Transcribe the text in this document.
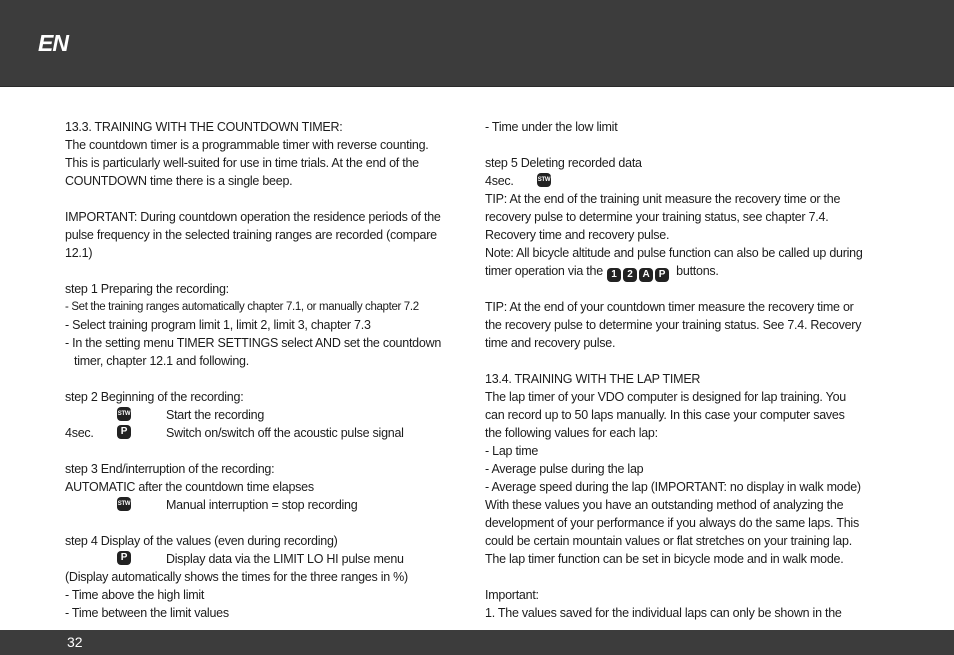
EN
13.3. TRAINING WITH THE COUNTDOWN TIMER:
The countdown timer is a programmable timer with reverse counting.
This is particularly well-suited for use in time trials. At the end of the
COUNTDOWN time there is a single beep.
IMPORTANT: During countdown operation the residence periods of the
pulse frequency in the selected training ranges are recorded (compare
12.1)
step 1 Preparing the recording:
- Set the training ranges automatically chapter 7.1, or manually chapter 7.2
- Select training program limit 1, limit 2, limit 3, chapter 7.3
- In the setting menu TIMER SETTINGS select AND set the countdown
timer, chapter 12.1 and following.
step 2 Beginning of the recording:
STW	Start the recording
4sec.	P	Switch on/switch off the acoustic pulse signal
step 3 End/interruption of the recording:
AUTOMATIC after the countdown time elapses
STW	Manual interruption = stop recording
step 4 Display of the values (even during recording)
P	Display data via the LIMIT LO HI pulse menu
(Display automatically shows the times for the three ranges in %)
- Time above the high limit
- Time between the limit values
- Time under the low limit
step 5 Deleting recorded data
4sec.	STW
TIP: At the end of the training unit measure the recovery time or the
recovery pulse to determine your training status, see chapter 7.4.
Recovery time and recovery pulse.
Note: All bicycle altitude and pulse function can also be called up during
timer operation via the 1 2 A P buttons.
TIP: At the end of your countdown timer measure the recovery time or
the recovery pulse to determine your training status. See 7.4. Recovery
time and recovery pulse.
13.4. TRAINING WITH THE LAP TIMER
The lap timer of your VDO computer is designed for lap training. You
can record up to 50 laps manually. In this case your computer saves
the following values for each lap:
- Lap time
- Average pulse during the lap
- Average speed during the lap (IMPORTANT: no display in walk mode)
With these values you have an outstanding method of analyzing the
development of your performance if you always do the same laps. This
could be certain mountain values or flat stretches on your training lap.
The lap timer function can be set in bicycle mode and in walk mode.
Important:
1. The values saved for the individual laps can only be shown in the
32
